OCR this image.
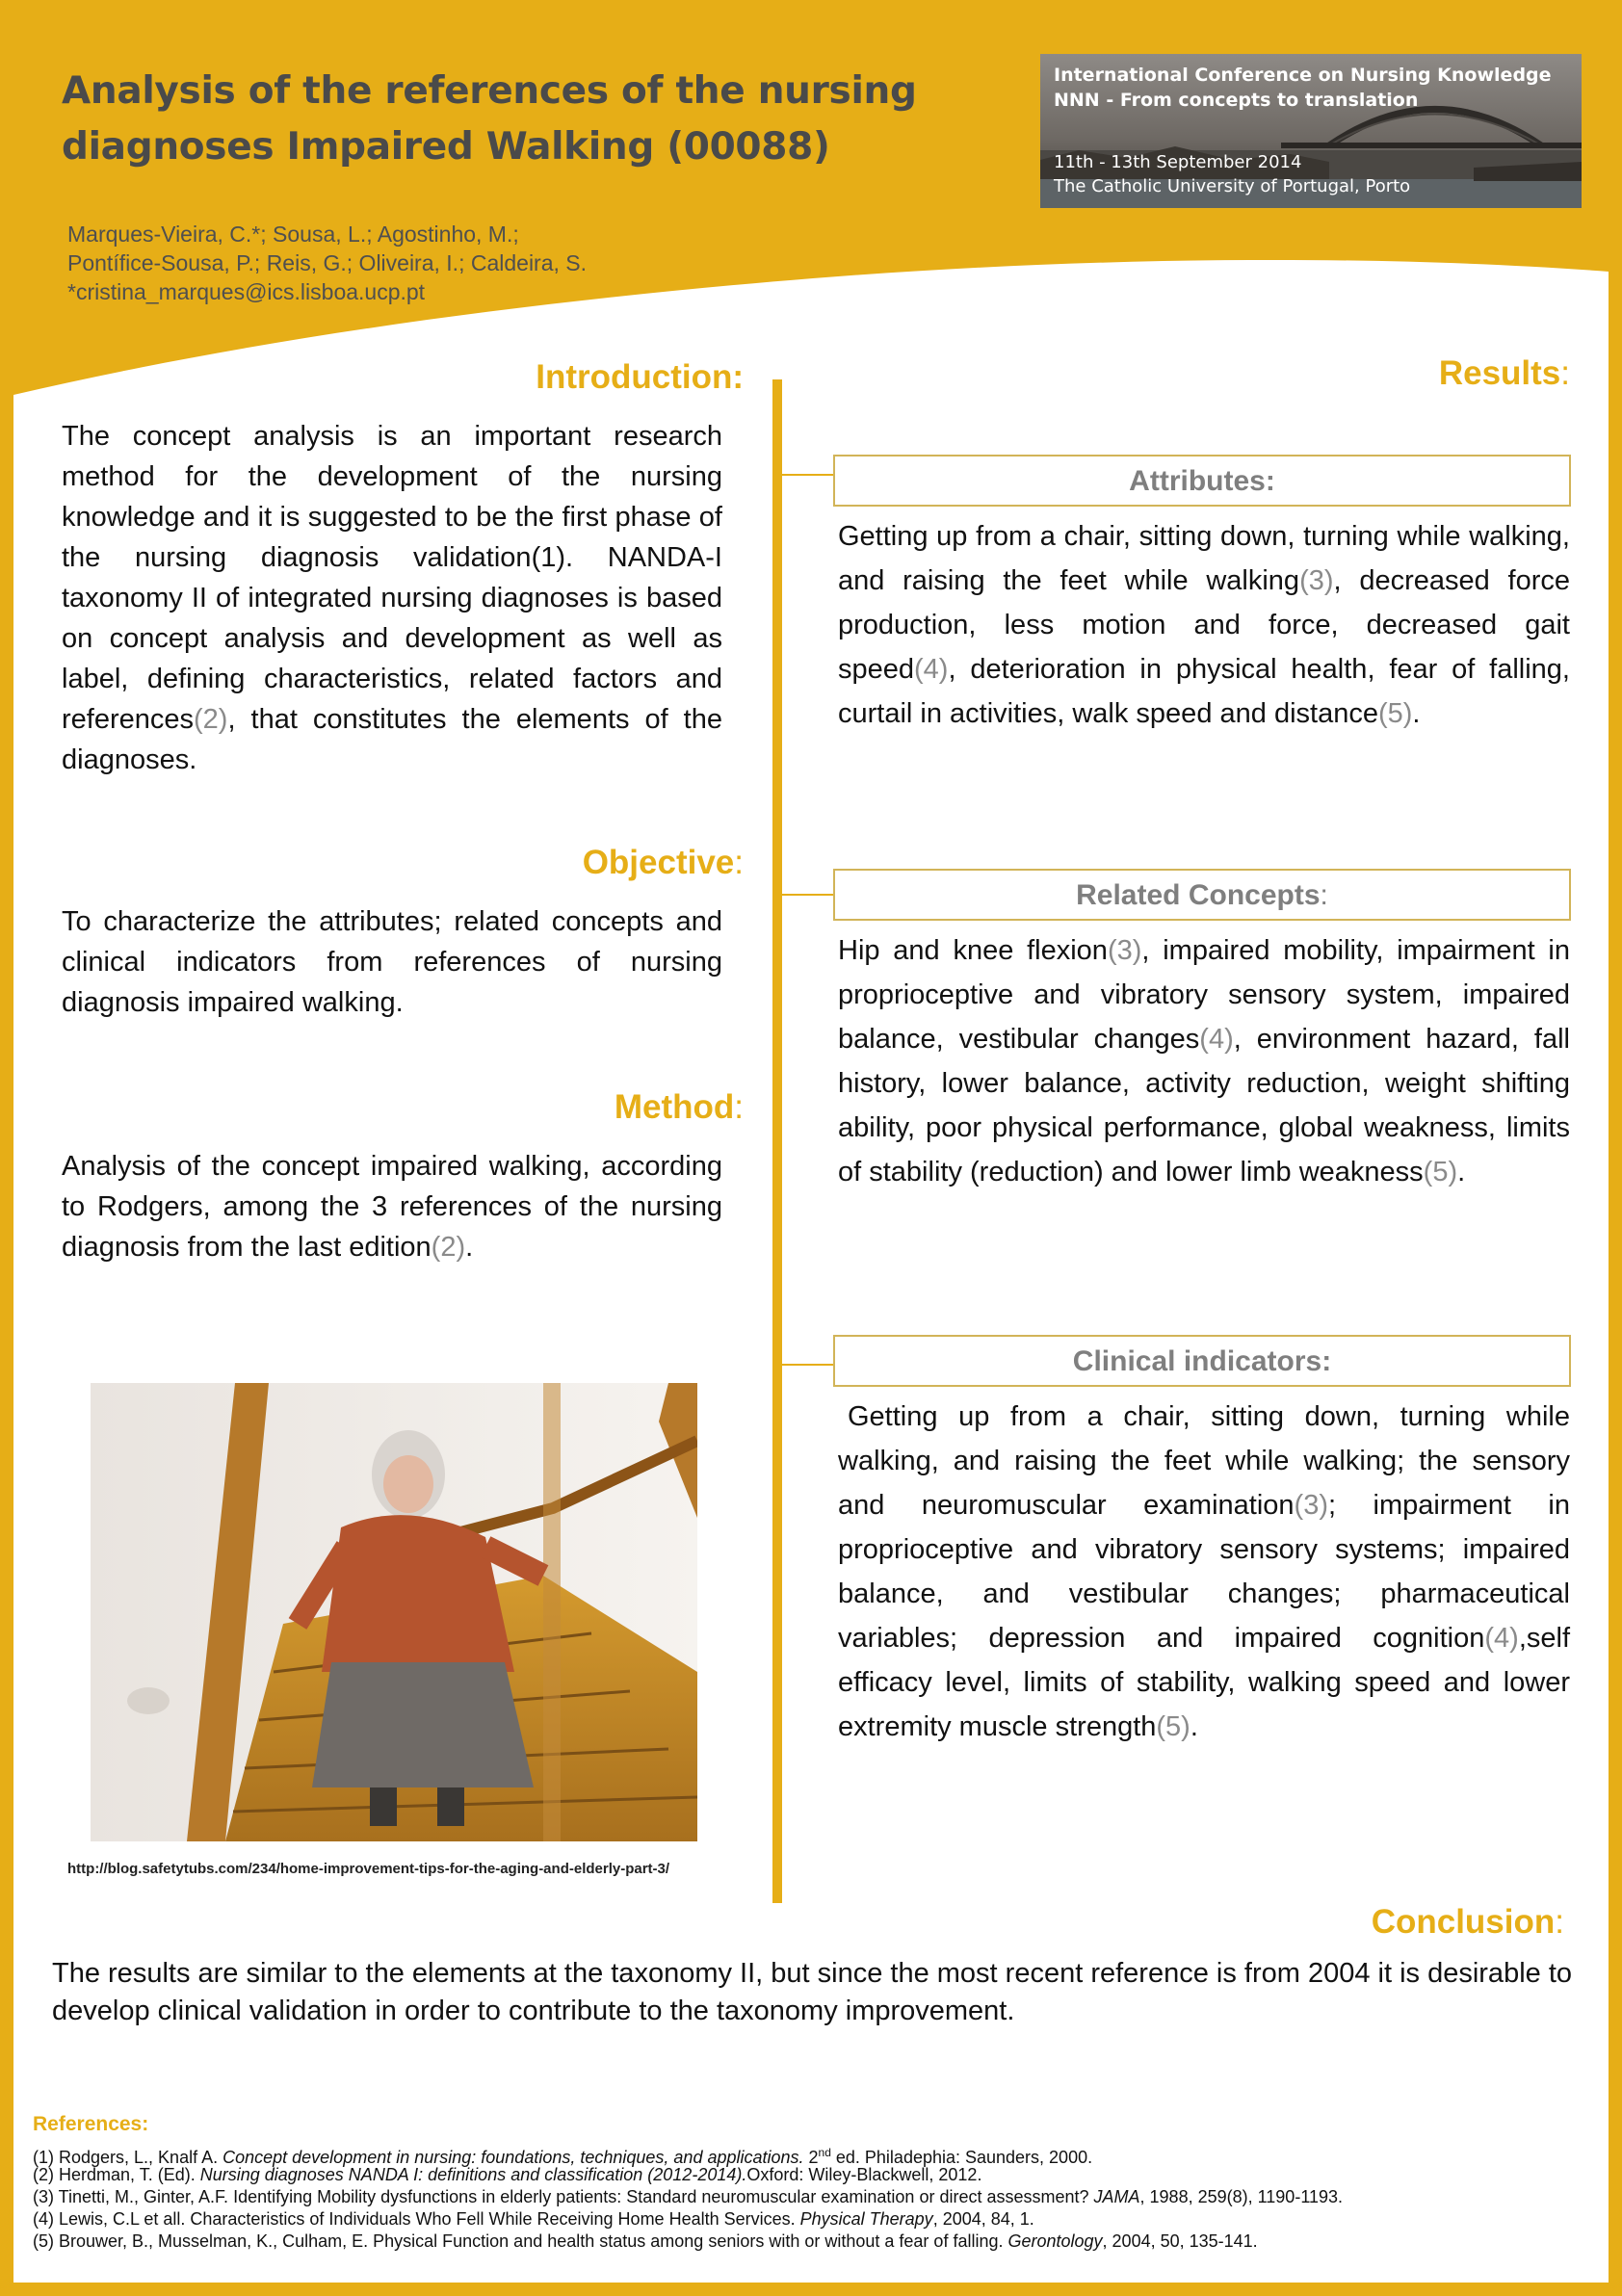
Analysis of the references of the nursing
diagnoses Impaired Walking (00088)
Marques-Vieira, C.*; Sousa, L.; Agostinho, M.;
Pontífice-Sousa, P.; Reis, G.; Oliveira, I.; Caldeira, S.
*cristina_marques@ics.lisboa.ucp.pt
International Conference on Nursing Knowledge
NNN - From concepts to translation
11th - 13th September 2014
The Catholic University of Portugal, Porto
Introduction:
The concept analysis is an important research method for the development of the nursing knowledge and it is suggested to be the first phase of the nursing diagnosis validation(1). NANDA-I taxonomy II of integrated nursing diagnoses is based on concept analysis and development as well as label, defining characteristics, related factors and references(2), that constitutes the elements of the diagnoses.
Objective:
To characterize the attributes; related concepts and clinical indicators from references of nursing diagnosis impaired walking.
Method:
Analysis of the concept impaired walking, according to Rodgers, among the 3 references of the nursing diagnosis from the last edition(2).
http://blog.safetytubs.com/234/home-improvement-tips-for-the-aging-and-elderly-part-3/
Results:
Attributes:
Getting up from a chair, sitting down, turning while walking, and raising the feet while walking(3), decreased force production, less motion and force, decreased gait speed(4), deterioration in physical health, fear of falling, curtail in activities, walk speed and distance(5).
Related Concepts:
Hip and knee flexion(3), impaired mobility, impairment in proprioceptive and vibratory sensory system, impaired balance, vestibular changes(4), environment hazard, fall history, lower balance, activity reduction, weight shifting ability, poor physical performance, global weakness, limits of stability (reduction) and lower limb weakness(5).
Clinical indicators:
Getting up from a chair, sitting down, turning while walking, and raising the feet while walking; the sensory and neuromuscular examination(3); impairment in proprioceptive and vibratory sensory systems; impaired balance, and vestibular changes; pharmaceutical variables; depression and impaired cognition(4),self efficacy level, limits of stability, walking speed and lower extremity muscle strength(5).
Conclusion:
The results are similar to the elements at the taxonomy II, but since the most recent reference is from 2004 it is desirable to develop clinical validation in order to contribute to the taxonomy improvement.
References:
(1) Rodgers, L., Knalf A. Concept development in nursing: foundations, techniques, and applications. 2nd ed. Philadephia: Saunders, 2000.
(2) Herdman, T. (Ed). Nursing diagnoses NANDA I: definitions and classification (2012-2014).Oxford: Wiley-Blackwell, 2012.
(3) Tinetti, M., Ginter, A.F. Identifying Mobility dysfunctions in elderly patients: Standard neuromuscular examination or direct assessment? JAMA, 1988, 259(8), 1190-1193.
(4) Lewis, C.L et all. Characteristics of Individuals Who Fell While Receiving Home Health Services. Physical Therapy, 2004, 84, 1.
(5) Brouwer, B., Musselman, K., Culham, E. Physical Function and health status among seniors with or without a fear of falling. Gerontology, 2004, 50, 135-141.
